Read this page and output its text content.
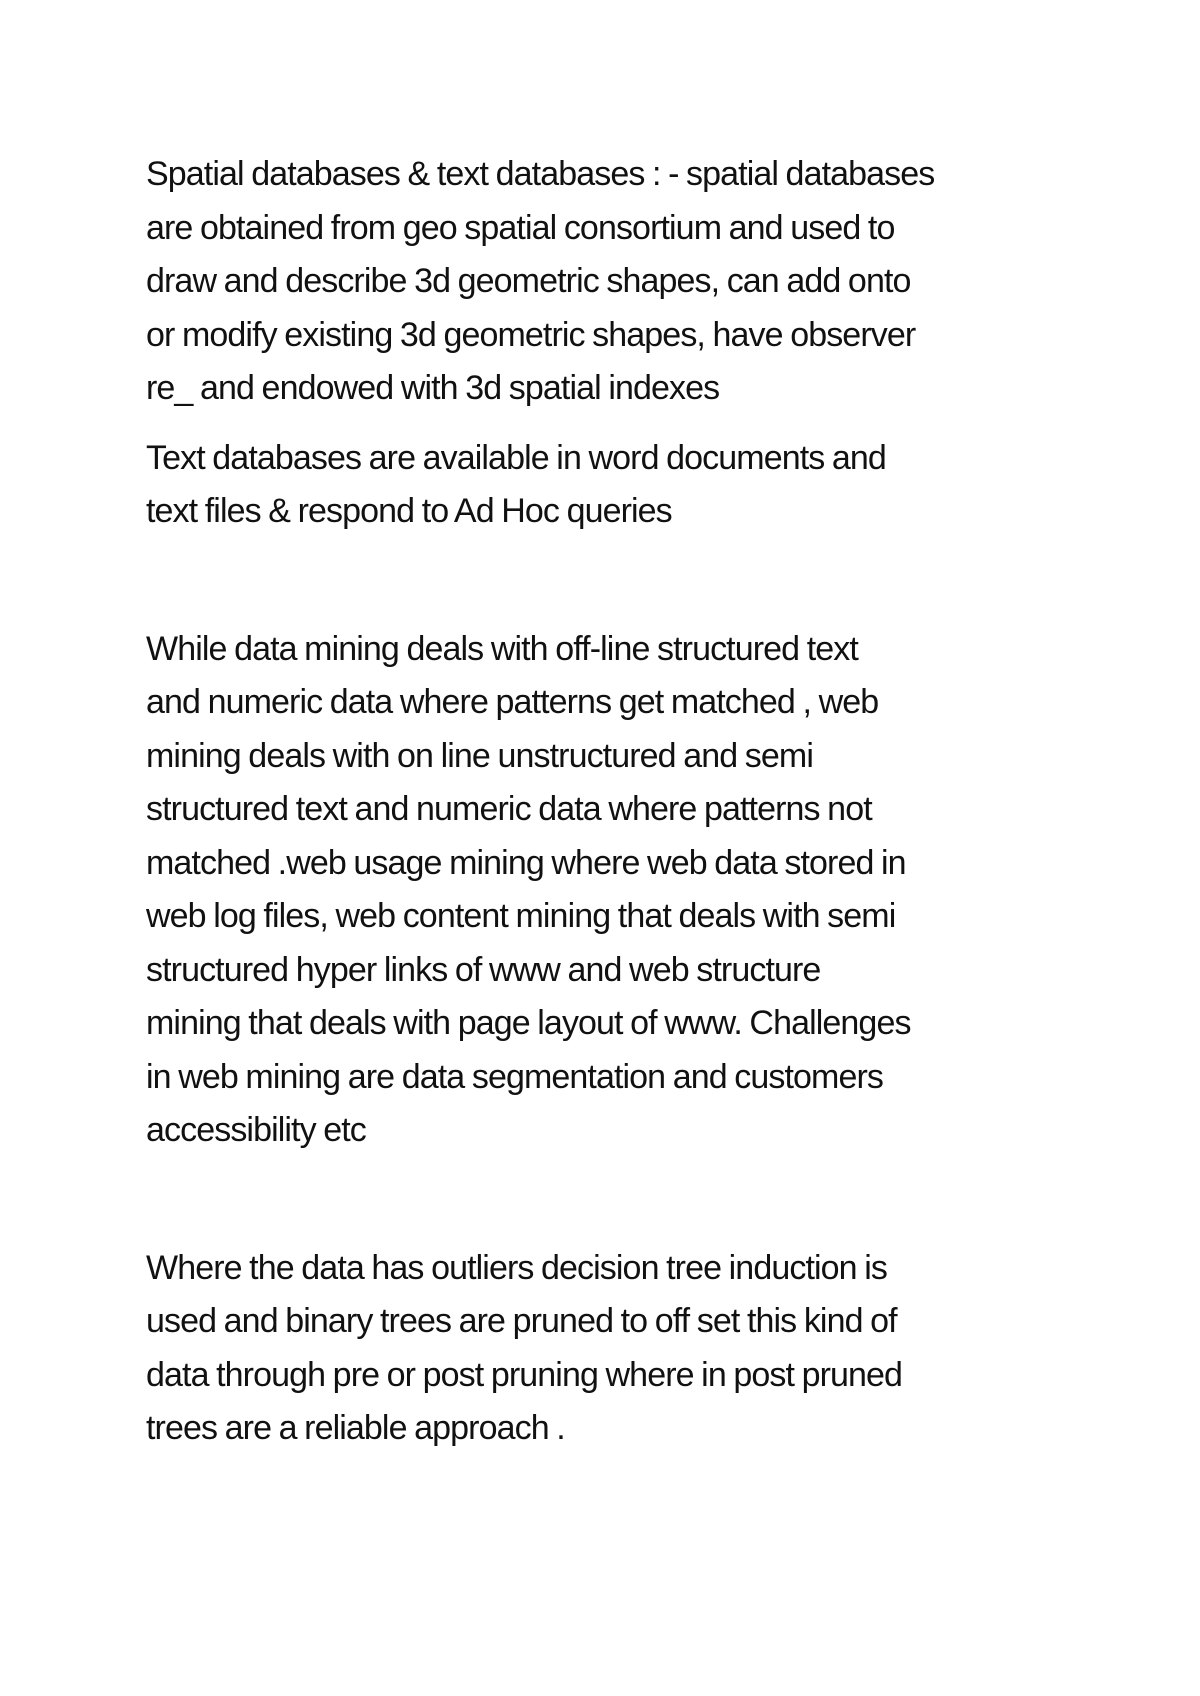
Spatial databases & text databases : - spatial databases
are obtained from geo spatial consortium and used to
draw and describe 3d geometric shapes, can add onto
or modify existing 3d geometric shapes, have observer
re_ and endowed with 3d spatial indexes
Text databases are available in word documents and
text files & respond to Ad Hoc queries
While data mining deals with off-line structured text
and numeric data where patterns get matched , web
mining deals with on line unstructured and semi
structured text and numeric data where patterns not
matched .web usage mining where web data stored in
web log files, web content mining that deals with semi
structured hyper links of www and web structure
mining that deals with page layout of www. Challenges
in web mining are data segmentation and customers
accessibility etc
Where the data has outliers decision tree induction is
used and binary trees are pruned to off set this kind of
data through pre or post pruning where in post pruned
trees are a reliable approach .
